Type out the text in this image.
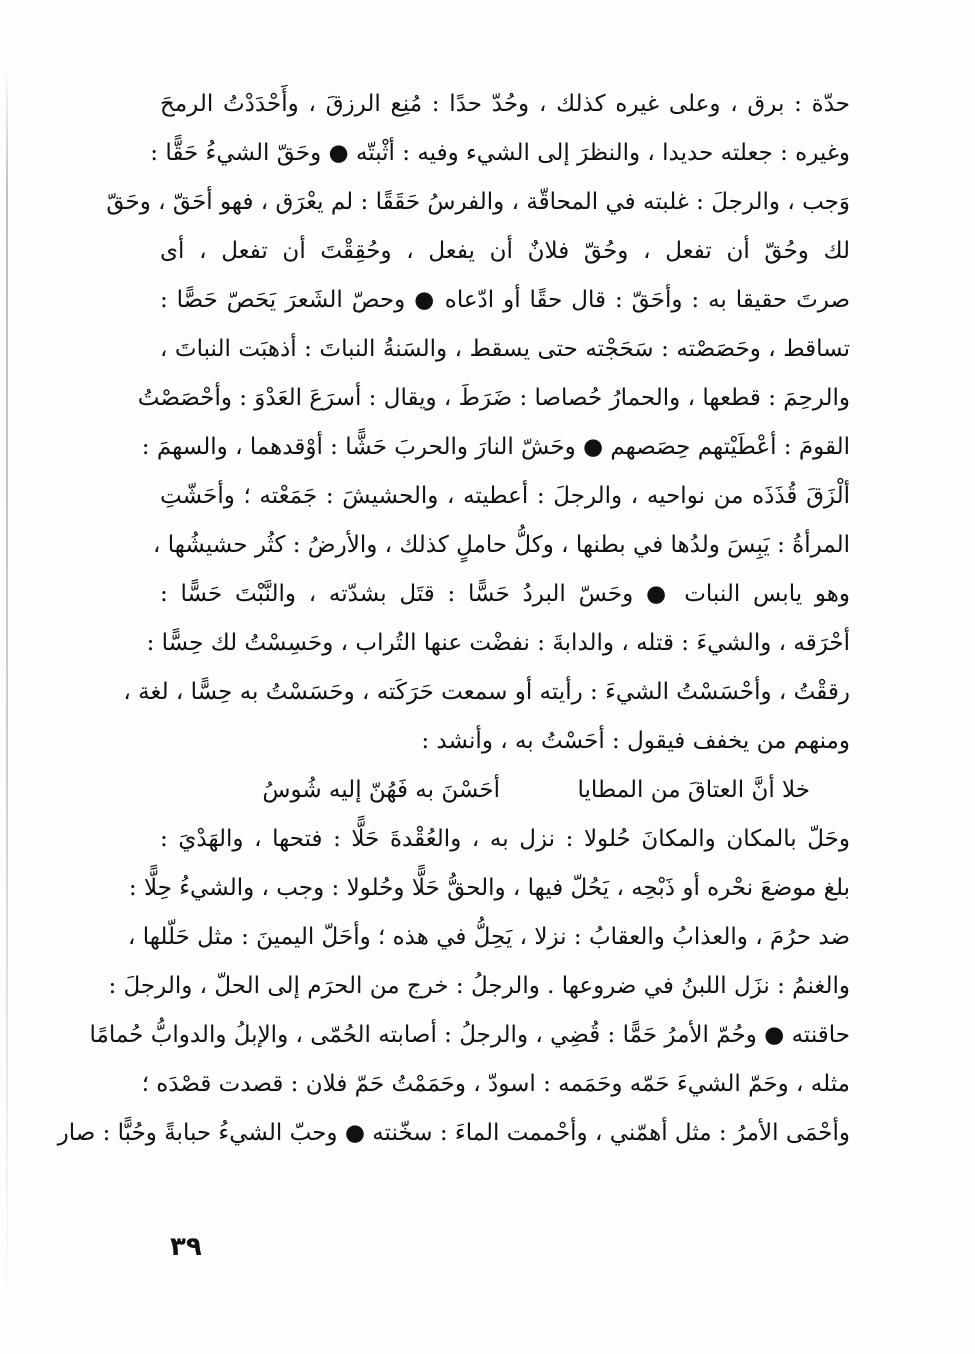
حدّة : برق ، وعلى غيره كذلك ، وحُدّ حدًا : مُنِع الرزقَ ، وأَحْدَدْتُ الرمحَ
وغيره : جعلته حديدا ، والنظرَ إلى الشيء وفيه : أثْبتّه ● وحَقّ الشيءُ حَقًّا :
وَجب ، والرجلَ : غلبته في المحاقّة ، والفرسُ حَقَقًا : لم يعْرَق ، فهو أحَقّ ، وحَقّ
لك وحُقّ أن تفعل ، وحُقّ فلانٌ أن يفعل ، وحُقِقْتَ أن تفعل ، أى
صرتَ حقيقا به : وأحَقّ : قال حقًا أو ادّعاه ● وحصّ الشَعرَ يَحَصّ حَصًّا :
تساقط ، وحَصَصْته : سَحَجْته حتى يسقط ، والسَنةُ النباتَ : أذهبَت النباتَ ،
والرحِمَ : قطعها ، والحمارُ حُصاصا : ضَرَطَ ، ويقال : أسرَعَ العَدْوَ : وأحْصَصْتُ
القومَ : أعْطَيْتهم حِصَصهم ● وحَشّ النارَ والحربَ حَشًّا : أوْقدهما ، والسهمَ :
ألْزَقَ قُذَذَه من نواحيه ، والرجلَ : أعطيته ، والحشيشَ : جَمَعْته ؛ وأحَشّتِ
المرأةُ : يَبِسَ ولدُها في بطنها ، وكلُّ حاملٍ كذلك ، والأرضُ : كثُر حشيشُها ،
وهو يابس النبات ● وحَسّ البردُ حَسًّا : قتَل بشدّته ، والنَّبْتَ حَسًّا :
أحْرَقه ، والشيءَ : قتله ، والدابةَ : نفضْت عنها التُراب ، وحَسِسْتُ لك حِسًّا :
رققْتُ ، وأحْسَسْتُ الشيءَ : رأيته أو سمعت حَرَكَته ، وحَسَسْتُ به حِسًّا ، لغة ،
ومنهم من يخفف فيقول : أحَسْتُ به ، وأنشد :
خلا أنَّ العتاقَ من المطايا
أحَسْنَ به فَهُنّ إليه شُوسُ
وحَلّ بالمكان والمكانَ حُلولا : نزل به ، والعُقْدةَ حَلًّا : فتحها ، والهَدْيَ :
بلغ موضعَ نحْره أو ذَبْحِه ، يَحُلّ فيها ، والحقُّ حَلًّا وحُلولا : وجب ، والشيءُ حِلًّا :
ضد حرُمَ ، والعذابُ والعقابُ : نزلا ، يَحِلُّ في هذه ؛ وأحَلّ اليمينَ : مثل حَلّلها ،
والغنمُ : نزَل اللبنُ في ضروعها . والرجلُ : خرج من الحرَم إلى الحلّ ، والرجلَ :
حاقنته ● وحُمّ الأمرُ حَمًّا : قُضِي ، والرجلُ : أصابته الحُمّى ، والإبلُ والدوابُّ حُمامًا
مثله ، وحَمّ الشيءَ حَمّه وحَمَمه : اسودّ ، وحَمَمْتُ حَمّ فلان : قصدت قصْدَه ؛
وأحْمَى الأمرُ : مثل أهمّني ، وأحْممت الماءَ : سخّنته ● وحبّ الشيءُ حبابةً وحُبًّا : صار
٣٩
